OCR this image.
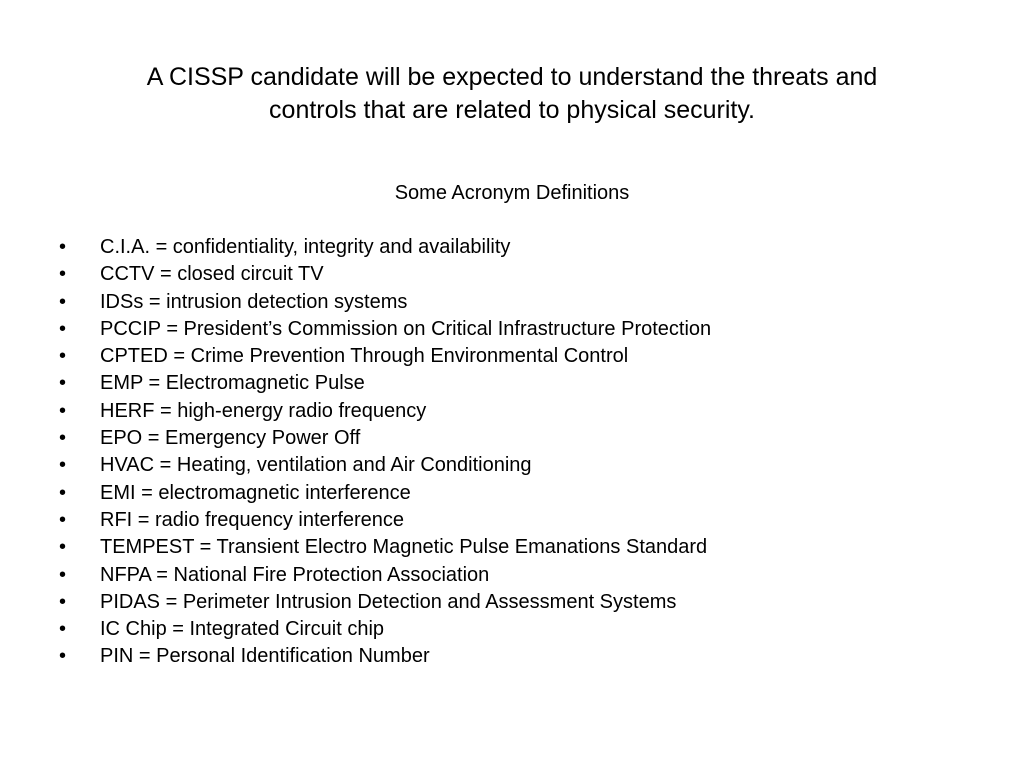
A CISSP candidate will be expected to understand the threats and
controls that are related to physical security.
Some Acronym Definitions
• C.I.A. = confidentiality, integrity and availability
• CCTV = closed circuit TV
• IDSs = intrusion detection systems
• PCCIP = President’s Commission on Critical Infrastructure Protection
• CPTED = Crime Prevention Through Environmental Control
• EMP = Electromagnetic Pulse
• HERF = high-energy radio frequency
• EPO = Emergency Power Off
• HVAC = Heating, ventilation and Air Conditioning
• EMI = electromagnetic interference
• RFI = radio frequency interference
• TEMPEST = Transient Electro Magnetic Pulse Emanations Standard
• NFPA = National Fire Protection Association
• PIDAS = Perimeter Intrusion Detection and Assessment Systems
• IC Chip = Integrated Circuit chip
• PIN = Personal Identification Number
